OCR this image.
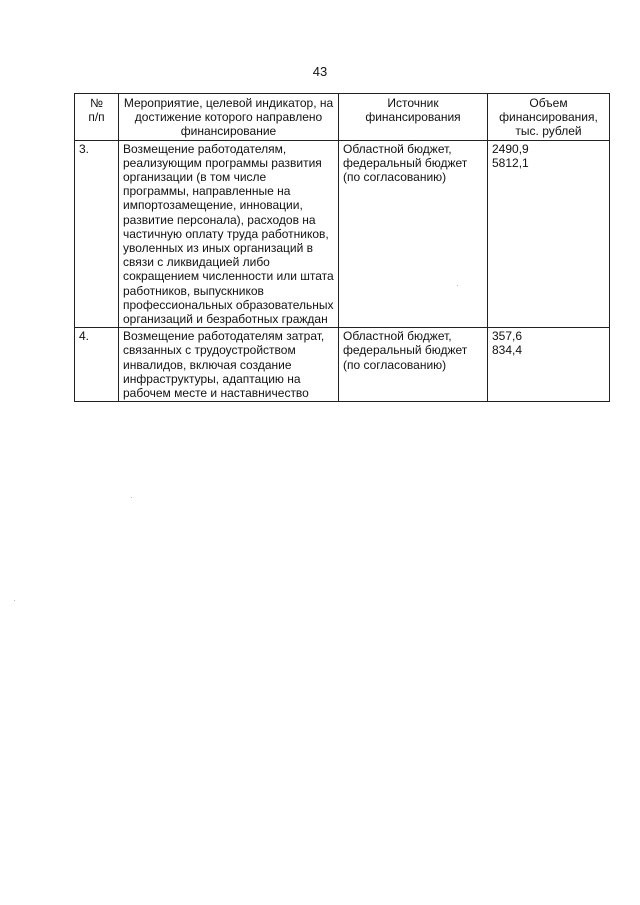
43
№
п/п	Мероприятие, целевой индикатор, на достижение которого направлено финансирование	Источник финансирования	Объем финансирования, тыс. рублей
3.	Возмещение работодателям, реализующим программы развития организации (в том числе программы, направленные на импортозамещение, инновации, развитие персонала), расходов на частичную оплату труда работников, уволенных из иных организаций в связи с ликвидацией либо сокращением численности или штата работников, выпускников профессиональных образовательных организаций и безработных граждан	Областной бюджет, федеральный бюджет (по согласованию)	2490,9
5812,1

4.	Возмещение работодателям затрат, связанных с трудоустройством инвалидов, включая создание инфраструктуры, адаптацию на рабочем месте и наставничество	Областной бюджет, федеральный бюджет (по согласованию)	357,6
834,4
